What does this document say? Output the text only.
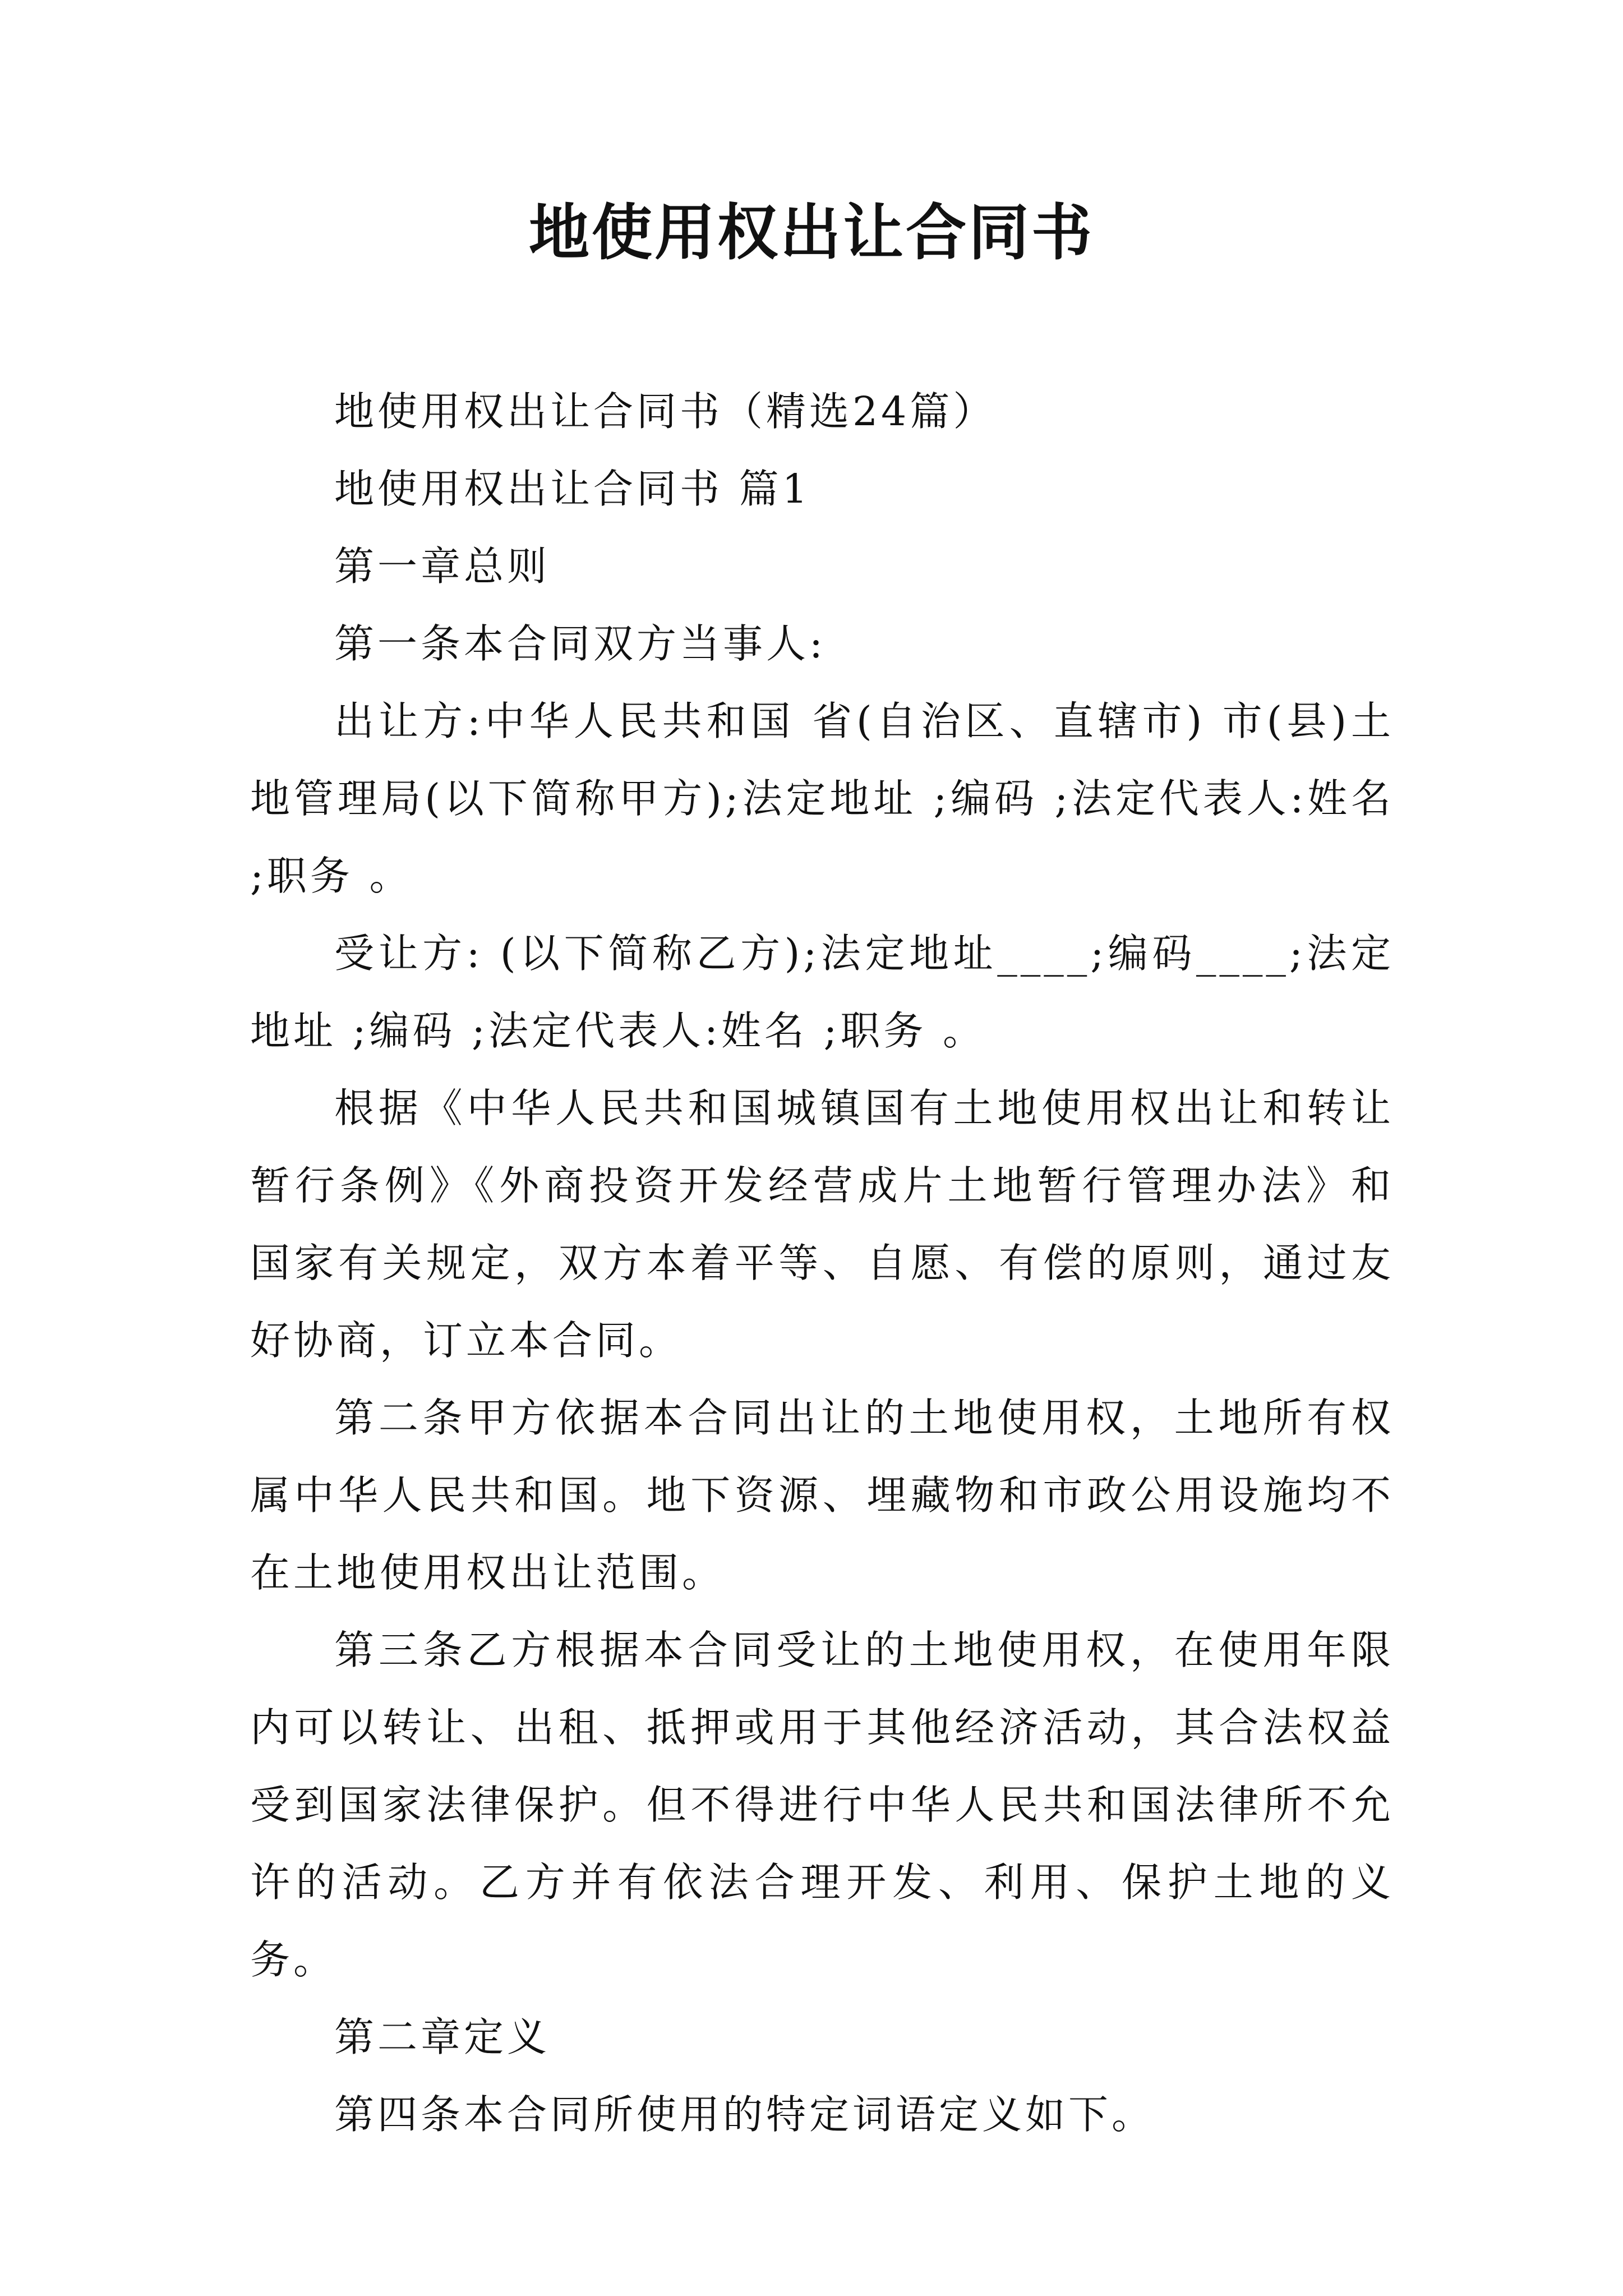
地使用权出让合同书

地使用权出让合同书（精选24篇）

地使用权出让合同书 篇1

第一章总则

第一条本合同双方当事人:

出让方:中华人民共和国 省(自治区、直辖市) 市(县)土地管理局(以下简称甲方);法定地址 ;编码 ;法定代表人:姓名 ;职务 。

受让方: (以下简称乙方);法定地址____;编码____;法定地址 ;编码 ;法定代表人:姓名 ;职务 。

根据《中华人民共和国城镇国有土地使用权出让和转让暂行条例》《外商投资开发经营成片土地暂行管理办法》和国家有关规定，双方本着平等、自愿、有偿的原则，通过友好协商，订立本合同。

第二条甲方依据本合同出让的土地使用权，土地所有权属中华人民共和国。地下资源、埋藏物和市政公用设施均不在土地使用权出让范围。

第三条乙方根据本合同受让的土地使用权，在使用年限内可以转让、出租、抵押或用于其他经济活动，其合法权益受到国家法律保护。但不得进行中华人民共和国法律所不允许的活动。乙方并有依法合理开发、利用、保护土地的义务。

第二章定义

第四条本合同所使用的特定词语定义如下。
